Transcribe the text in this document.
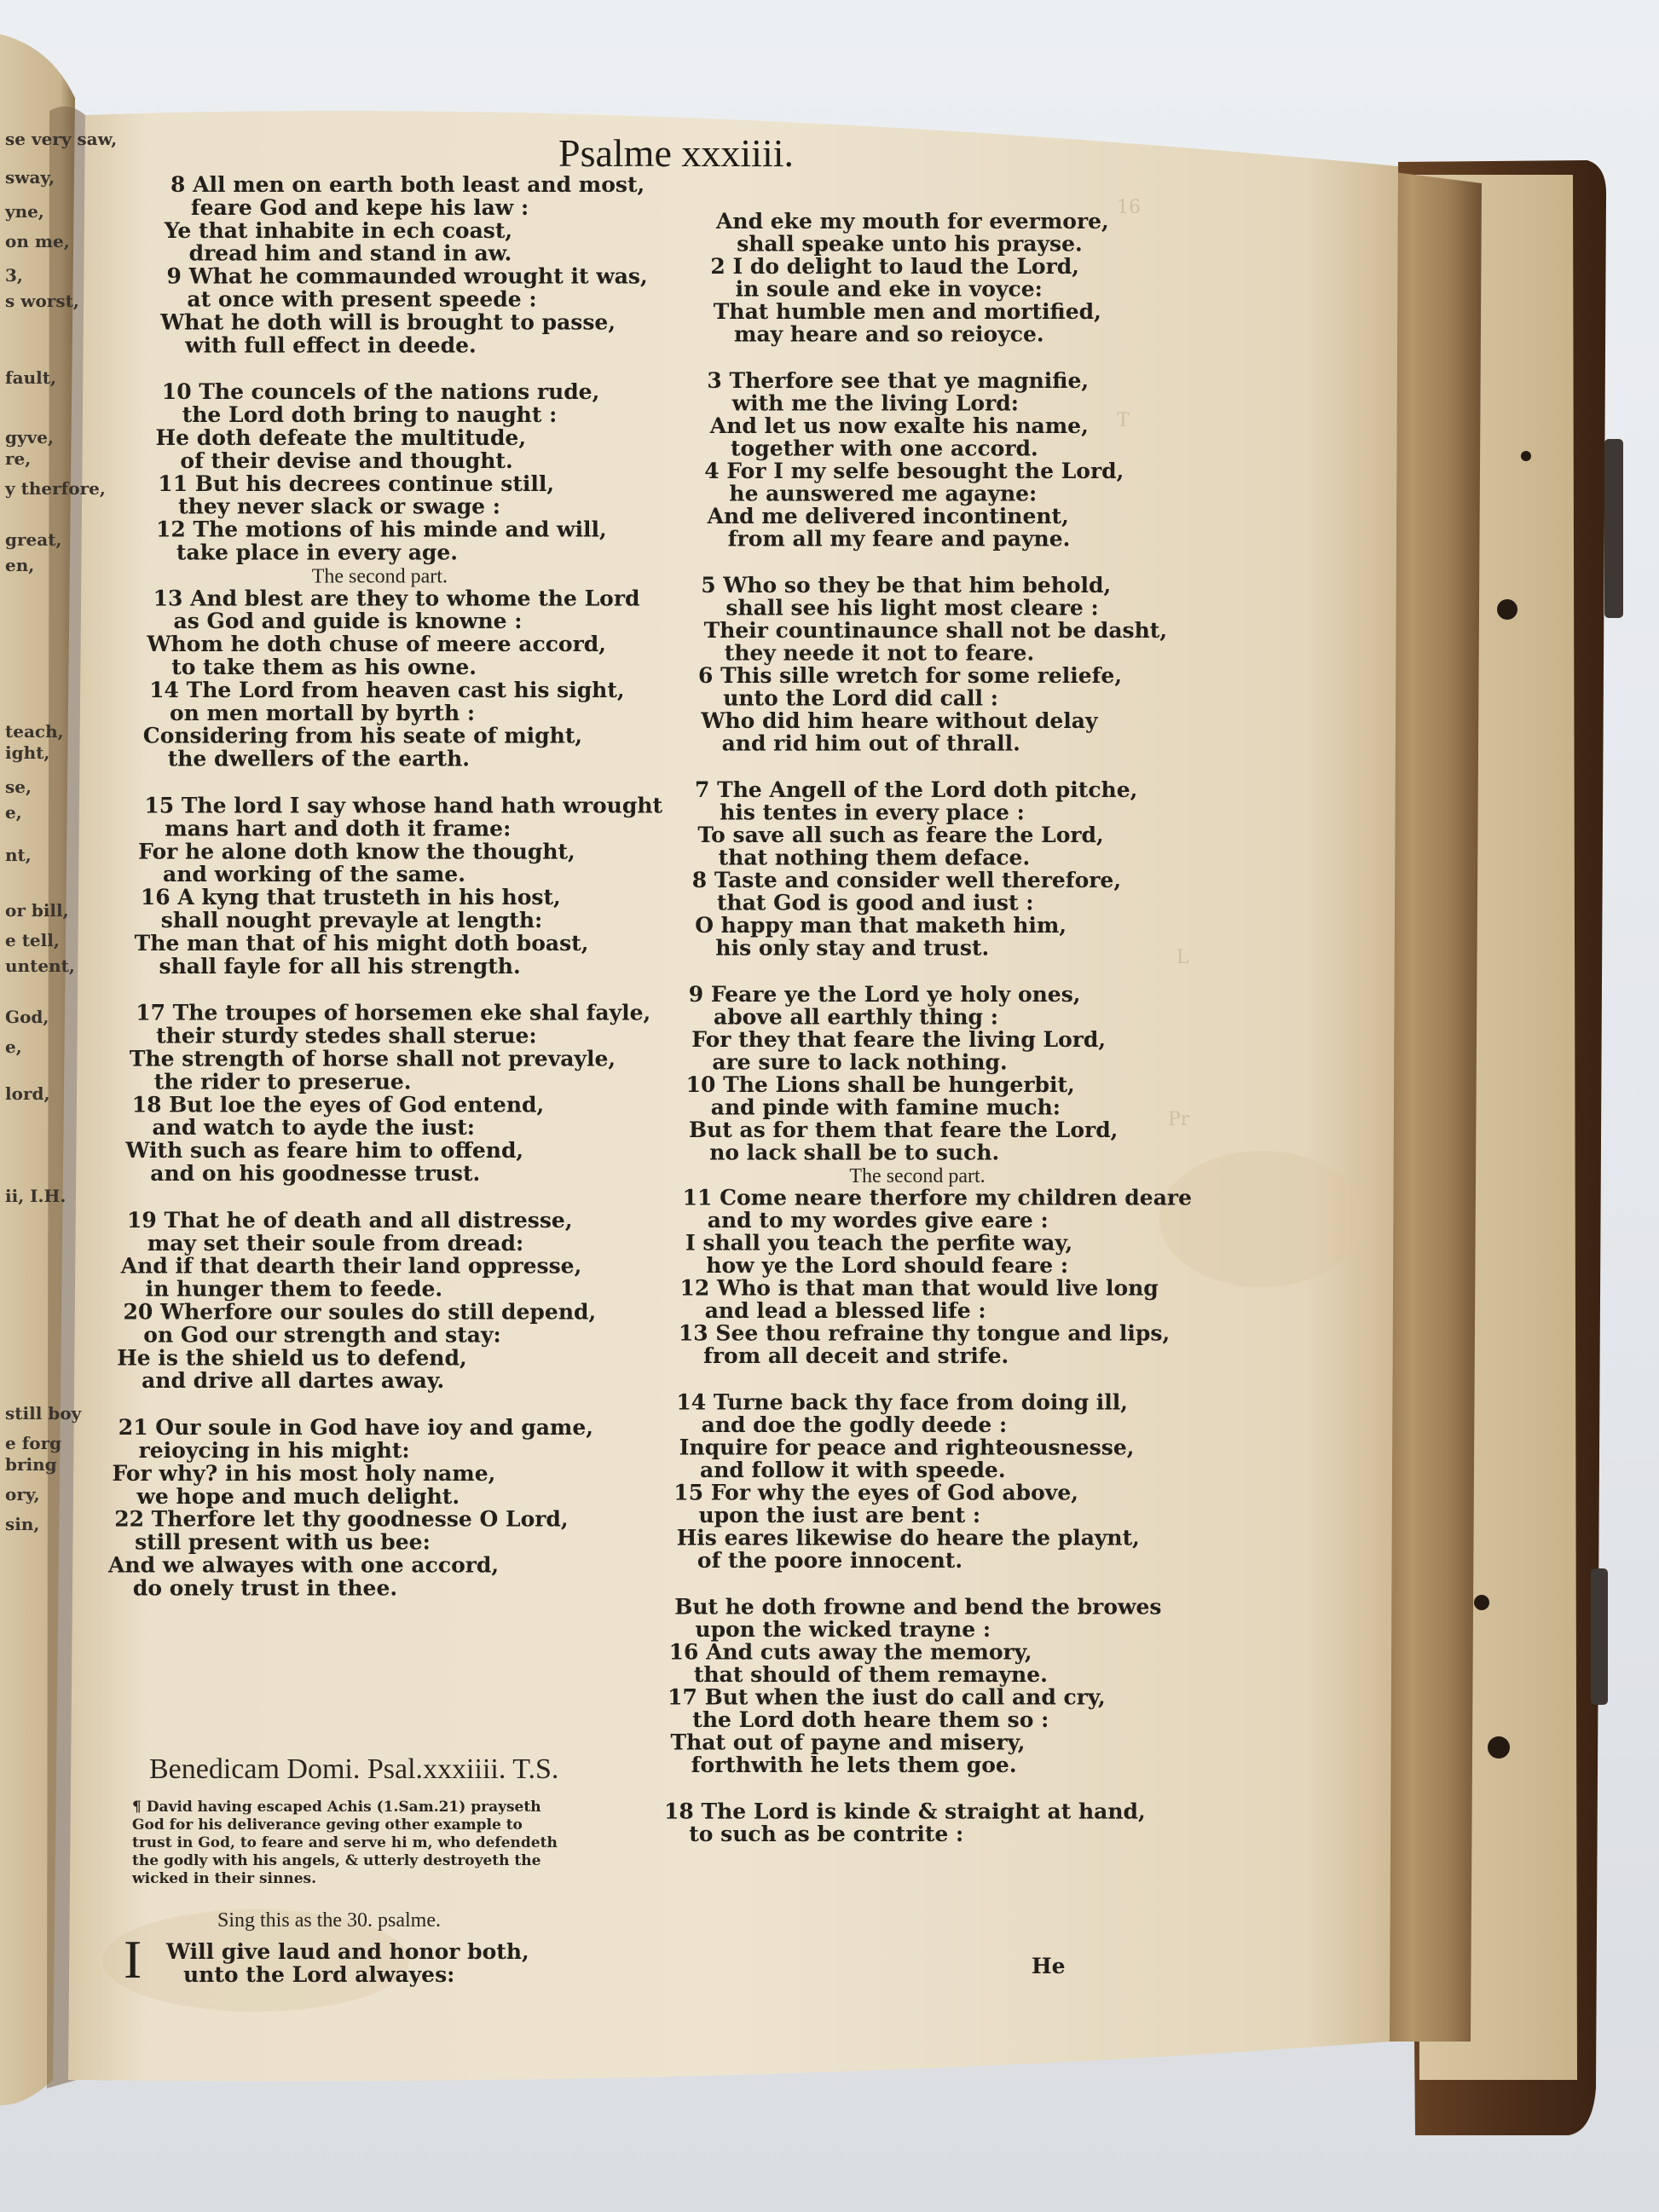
16
T
L
Pr
Psalme xxxiiii.
8 All men on earth both least and most,
feare God and kepe his law :
Ye that inhabite in ech coast,
dread him and stand in aw.
9 What he commaunded wrought it was,
at once with present speede :
What he doth will is brought to passe,
with full effect in deede.
10 The councels of the nations rude,
the Lord doth bring to naught :
He doth defeate the multitude,
of their devise and thought.
11 But his decrees continue still,
they never slack or swage :
12 The motions of his minde and will,
take place in every age.
The second part.
13 And blest are they to whome the Lord
as God and guide is knowne :
Whom he doth chuse of meere accord,
to take them as his owne.
14 The Lord from heaven cast his sight,
on men mortall by byrth :
Considering from his seate of might,
the dwellers of the earth.
15 The lord I say whose hand hath wrought
mans hart and doth it frame:
For he alone doth know the thought,
and working of the same.
16 A kyng that trusteth in his host,
shall nought prevayle at length:
The man that of his might doth boast,
shall fayle for all his strength.
17 The troupes of horsemen eke shal fayle,
their sturdy stedes shall sterue:
The strength of horse shall not prevayle,
the rider to preserue.
18 But loe the eyes of God entend,
and watch to ayde the iust:
With such as feare him to offend,
and on his goodnesse trust.
19 That he of death and all distresse,
may set their soule from dread:
And if that dearth their land oppresse,
in hunger them to feede.
20 Wherfore our soules do still depend,
on God our strength and stay:
He is the shield us to defend,
and drive all dartes away.
21 Our soule in God have ioy and game,
reioycing in his might:
For why? in his most holy name,
we hope and much delight.
22 Therfore let thy goodnesse O Lord,
still present with us bee:
And we alwayes with one accord,
do onely trust in thee.
Benedicam Domi. Psal.xxxiiii. T.S.
¶ David having escaped Achis (1.Sam.21) prayseth
God for his deliverance geving other example to
trust in God, to feare and serve hi m, who defendeth
the godly with his angels, & utterly destroyeth the
wicked in their sinnes.
Sing this as the 30. psalme.
I Will give laud and honor both,
unto the Lord alwayes:
And eke my mouth for evermore,
shall speake unto his prayse.
2 I do delight to laud the Lord,
in soule and eke in voyce:
That humble men and mortified,
may heare and so reioyce.
3 Therfore see that ye magnifie,
with me the living Lord:
And let us now exalte his name,
together with one accord.
4 For I my selfe besought the Lord,
he aunswered me agayne:
And me delivered incontinent,
from all my feare and payne.
5 Who so they be that him behold,
shall see his light most cleare :
Their countinaunce shall not be dasht,
they neede it not to feare.
6 This sille wretch for some reliefe,
unto the Lord did call :
Who did him heare without delay
and rid him out of thrall.
7 The Angell of the Lord doth pitche,
his tentes in every place :
To save all such as feare the Lord,
that nothing them deface.
8 Taste and consider well therefore,
that God is good and iust :
O happy man that maketh him,
his only stay and trust.
9 Feare ye the Lord ye holy ones,
above all earthly thing :
For they that feare the living Lord,
are sure to lack nothing.
10 The Lions shall be hungerbit,
and pinde with famine much:
But as for them that feare the Lord,
no lack shall be to such.
The second part.
11 Come neare therfore my children deare
and to my wordes give eare :
I shall you teach the perfite way,
how ye the Lord should feare :
12 Who is that man that would live long
and lead a blessed life :
13 See thou refraine thy tongue and lips,
from all deceit and strife.
14 Turne back thy face from doing ill,
and doe the godly deede :
Inquire for peace and righteousnesse,
and follow it with speede.
15 For why the eyes of God above,
upon the iust are bent :
His eares likewise do heare the playnt,
of the poore innocent.
But he doth frowne and bend the browes
upon the wicked trayne :
16 And cuts away the memory,
that should of them remayne.
17 But when the iust do call and cry,
the Lord doth heare them so :
That out of payne and misery,
forthwith he lets them goe.
18 The Lord is kinde & straight at hand,
to such as be contrite :
He
se very saw,
sway,
yne,
on me,
3,
s worst,
fault,
gyve,
re,
y therfore,
great,
en,
teach,
ight,
se,
e,
nt,
or bill,
e tell,
untent,
God,
e,
lord,
ii, I.H.
still boy
e forg
bring
ory,
sin,
